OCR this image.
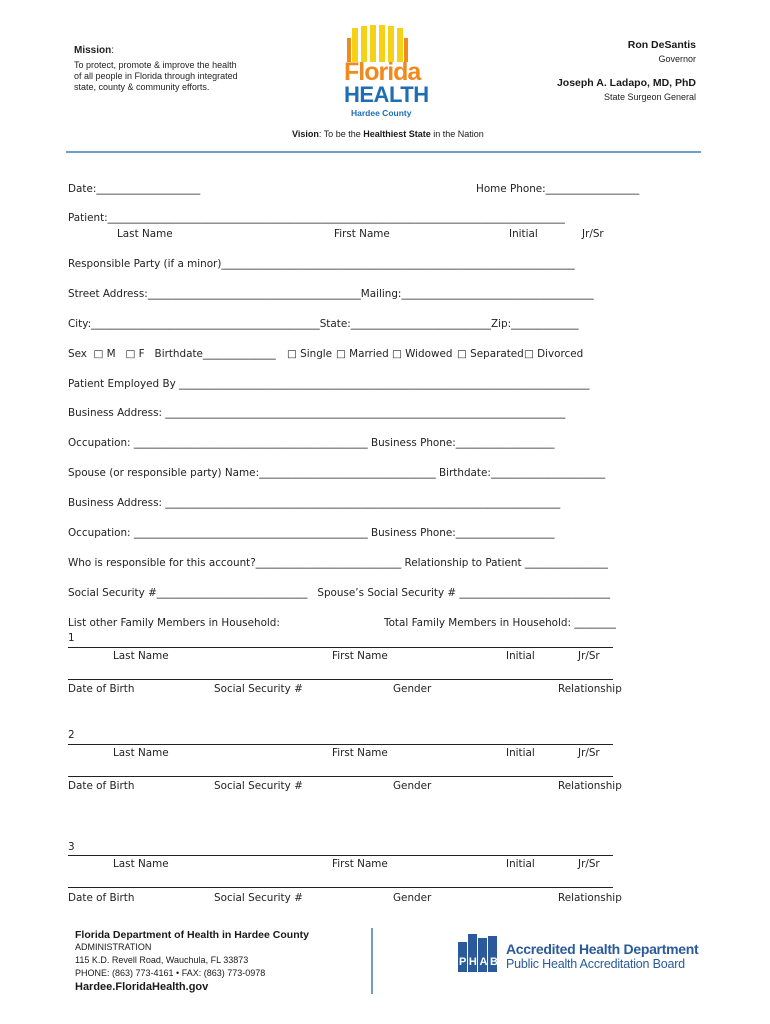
Mission:
To protect, promote & improve the health
of all people in Florida through integrated
state, county & community efforts.
Florida
HEALTH
Hardee County
Ron DeSantis
Governor
Joseph A. Ladapo, MD, PhD
State Surgeon General
Vision: To be the Healthiest State in the Nation
Date:____________________	Home Phone:__________________
Patient:________________________________________________________________________________________
Last Name	First Name	Initial	Jr/Sr
Responsible Party (if a minor)____________________________________________________________________
Street Address:_________________________________________Mailing:_____________________________________
City:____________________________________________State:___________________________Zip:_____________
Sex  □ M   □ F   Birthdate______________ □ Single □ Married □ Widowed □ Separated □ Divorced
Patient Employed By _______________________________________________________________________________
Business Address: _____________________________________________________________________________
Occupation: _____________________________________________ Business Phone:___________________
Spouse (or responsible party) Name:__________________________________ Birthdate:______________________
Business Address: ____________________________________________________________________________
Occupation: _____________________________________________ Business Phone:___________________
Who is responsible for this account?____________________________ Relationship to Patient ________________
Social Security #_____________________________   Spouse’s Social Security # _____________________________
List other Family Members in Household:	Total Family Members in Household: ________
1
Last Name	First Name	Initial	Jr/Sr
Date of Birth	Social Security #	Gender	Relationship
2
Last Name	First Name	Initial	Jr/Sr
Date of Birth	Social Security #	Gender	Relationship
3
Last Name	First Name	Initial	Jr/Sr
Date of Birth	Social Security #	Gender	Relationship
Florida Department of Health in Hardee County
ADMINISTRATION
115 K.D. Revell Road, Wauchula, FL 33873
PHONE: (863) 773-4161 • FAX: (863) 773-0978
Hardee.FloridaHealth.gov
PHAB
Accredited Health Department
Public Health Accreditation Board
